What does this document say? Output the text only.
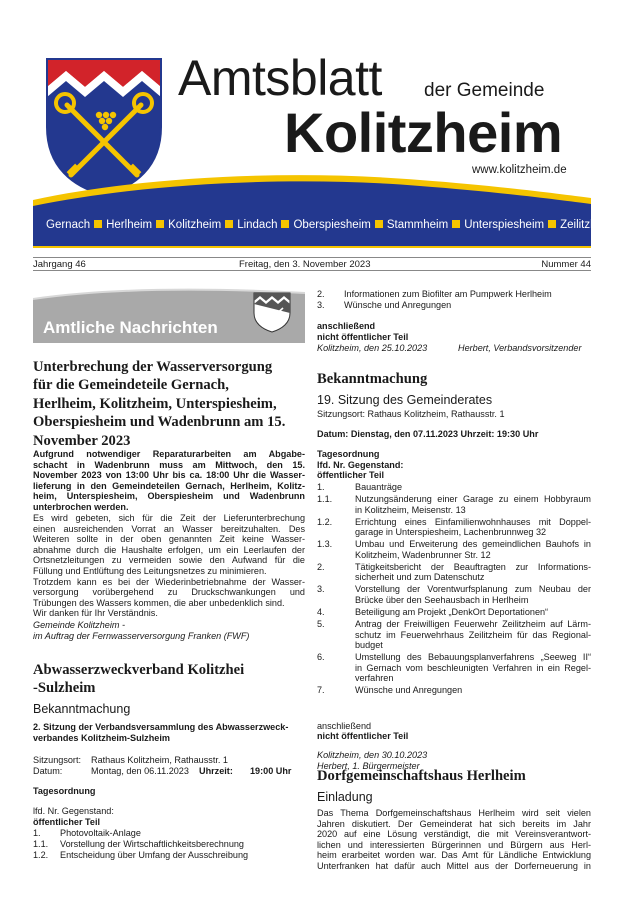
Amtsblatt der Gemeinde
Kolitzheim
www.kolitzheim.de
Gernach Herlheim Kolitzheim Lindach Oberspiesheim Stammheim Unterspiesheim Zeilitzheim
Jahrgang 46	Freitag, den 3. November 2023	Nummer 44
Amtliche Nachrichten
Unterbrechung der Wasserversorgung
für die Gemeindeteile Gernach,
Herlheim, Kolitzheim, Unterspiesheim,
Oberspiesheim und Wadenbrunn am 15.
November 2023
Aufgrund notwendiger Reparaturarbeiten am Abgabe-
schacht in Wadenbrunn muss am Mittwoch, den 15.
November 2023 von 13:00 Uhr bis ca. 18:00 Uhr die Wasser-
lieferung in den Gemeindeteilen Gernach, Herlheim, Kolitz-
heim, Unterspiesheim, Oberspiesheim und Wadenbrunn
unterbrochen werden.
Es wird gebeten, sich für die Zeit der Lieferunterbrechung
einen ausreichenden Vorrat an Wasser bereitzuhalten. Des
Weiteren sollte in der oben genannten Zeit keine Wasser-
abnahme durch die Haushalte erfolgen, um ein Leerlaufen der
Ortsnetzleitungen zu vermeiden sowie den Aufwand für die
Füllung und Entlüftung des Leitungsnetzes zu minimieren.
Trotzdem kann es bei der Wiederinbetriebnahme der Wasser-
versorgung vorübergehend zu Druckschwankungen und
Trübungen des Wassers kommen, die aber unbedenklich sind.
Wir danken für Ihr Verständnis.
Gemeinde Kolitzheim -
im Auftrag der Fernwasserversorgung Franken (FWF)
Abwasserzweckverband Kolitzhei
-Sulzheim
Bekanntmachung
2. Sitzung der Verbandsversammlung des Abwasserzweck-
verbandes Kolitzheim-Sulzheim
Sitzungsort: Rathaus Kolitzheim, Rathausstr. 1
Datum:	Montag, den 06.11.2023 Uhrzeit: 19:00 Uhr
Tagesordnung
lfd. Nr. Gegenstand:
öffentlicher Teil
1. Photovoltaik-Anlage
1.1. Vorstellung der Wirtschaftlichkeitsberechnung
1.2. Entscheidung über Umfang der Ausschreibung
2. Informationen zum Biofilter am Pumpwerk Herlheim
3. Wünsche und Anregungen
anschließend
nicht öffentlicher Teil
Kolitzheim, den 25.10.2023	Herbert, Verbandsvorsitzender
Bekanntmachung
19. Sitzung des Gemeinderates
Sitzungsort: Rathaus Kolitzheim, Rathausstr. 1
Datum: Dienstag, den 07.11.2023 Uhrzeit: 19:30 Uhr
Tagesordnung
lfd. Nr. Gegenstand:
öffentlicher Teil
1.	Bauanträge
1.1.	Nutzungsänderung einer Garage zu einem Hobbyraum
in Kolitzheim, Meisenstr. 13
1.2.	Errichtung eines Einfamilienwohnhauses mit Doppel-
garage in Unterspiesheim, Lachenbrunnweg 32
1.3.	Umbau und Erweiterung des gemeindlichen Bauhofs in
Kolitzheim, Wadenbrunner Str. 12
2.	Tätigkeitsbericht der Beauftragten zur Informations-
sicherheit und zum Datenschutz
3.	Vorstellung der Vorentwurfsplanung zum Neubau der
Brücke über den Seehausbach in Herlheim
4.	Beteiligung am Projekt „DenkOrt Deportationen“
5.	Antrag der Freiwilligen Feuerwehr Zeilitzheim auf Lärm-
schutz im Feuerwehrhaus Zeilitzheim für das Regional-
budget
6.	Umstellung des Bebauungsplanverfahrens „Seeweg II“
in Gernach vom beschleunigten Verfahren in ein Regel-
verfahren
7.	Wünsche und Anregungen
anschließend
nicht öffentlicher Teil
Kolitzheim, den 30.10.2023
Herbert, 1. Bürgermeister
Dorfgemeinschaftshaus Herlheim
Einladung
Das Thema Dorfgemeinschaftshaus Herlheim wird seit vielen
Jahren diskutiert. Der Gemeinderat hat sich bereits im Jahr
2020 auf eine Lösung verständigt, die mit Vereinsverantwort-
lichen und interessierten Bürgerinnen und Bürgern aus Herl-
heim erarbeitet worden war. Das Amt für Ländliche Entwicklung
Unterfranken hat dafür auch Mittel aus der Dorferneuerung in
